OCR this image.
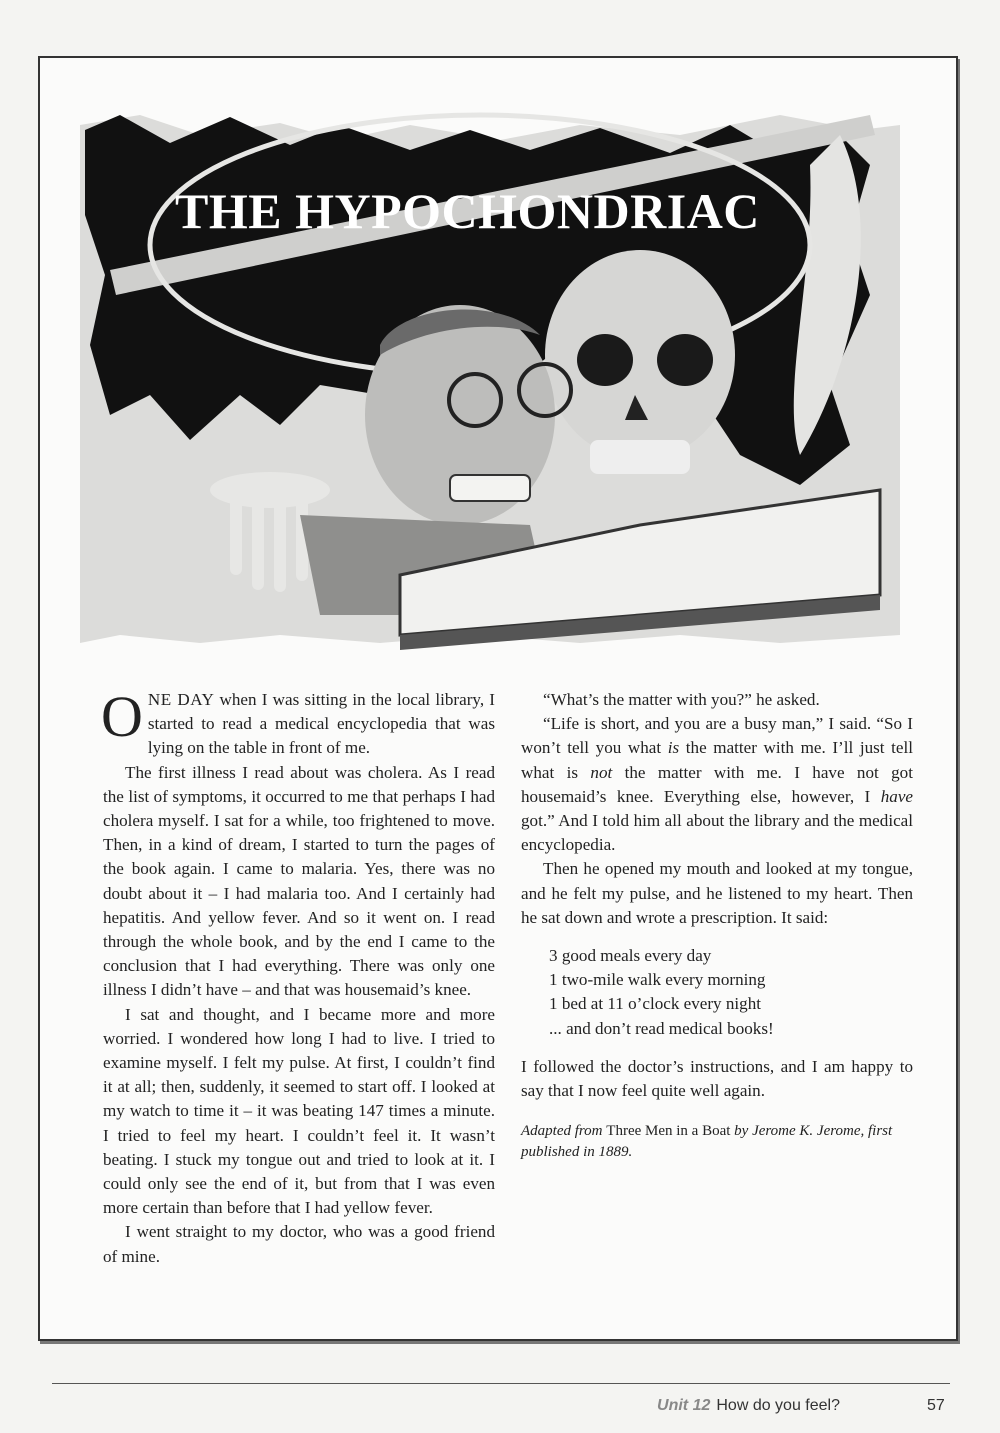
THE HYPOCHONDRIAC

ONE DAY when I was sitting in the local library, I started to read a medical encyclopedia that was lying on the table in front of me.

The first illness I read about was cholera. As I read the list of symptoms, it occurred to me that perhaps I had cholera myself. I sat for a while, too frightened to move. Then, in a kind of dream, I started to turn the pages of the book again. I came to malaria. Yes, there was no doubt about it – I had malaria too. And I certainly had hepatitis. And yellow fever. And so it went on. I read through the whole book, and by the end I came to the conclusion that I had everything. There was only one illness I didn’t have – and that was housemaid’s knee.

I sat and thought, and I became more and more worried. I wondered how long I had to live. I tried to examine myself. I felt my pulse. At first, I couldn’t find it at all; then, suddenly, it seemed to start off. I looked at my watch to time it – it was beating 147 times a minute. I tried to feel my heart. I couldn’t feel it. It wasn’t beating. I stuck my tongue out and tried to look at it. I could only see the end of it, but from that I was even more certain than before that I had yellow fever.

I went straight to my doctor, who was a good friend of mine.

“What’s the matter with you?” he asked.

“Life is short, and you are a busy man,” I said. “So I won’t tell you what is the matter with me. I’ll just tell what is not the matter with me. I have not got housemaid’s knee. Everything else, however, I have got.” And I told him all about the library and the medical encyclopedia.

Then he opened my mouth and looked at my tongue, and he felt my pulse, and he listened to my heart. Then he sat down and wrote a prescription. It said:

3 good meals every day
1 two-mile walk every morning
1 bed at 11 o’clock every night
... and don’t read medical books!

I followed the doctor’s instructions, and I am happy to say that I now feel quite well again.

Adapted from Three Men in a Boat by Jerome K. Jerome, first published in 1889.
Unit 12 How do you feel?	57
